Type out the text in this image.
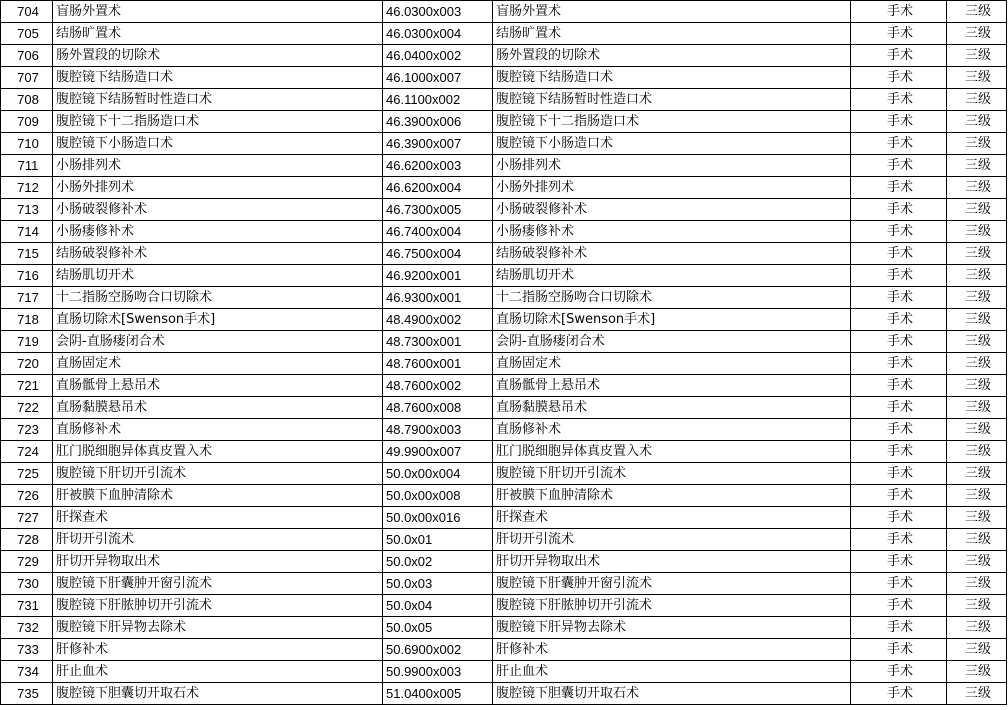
704	盲肠外置术	46.0300x003	盲肠外置术	手术	三级
705	结肠旷置术	46.0300x004	结肠旷置术	手术	三级
706	肠外置段的切除术	46.0400x002	肠外置段的切除术	手术	三级
707	腹腔镜下结肠造口术	46.1000x007	腹腔镜下结肠造口术	手术	三级
708	腹腔镜下结肠暂时性造口术	46.1100x002	腹腔镜下结肠暂时性造口术	手术	三级
709	腹腔镜下十二指肠造口术	46.3900x006	腹腔镜下十二指肠造口术	手术	三级
710	腹腔镜下小肠造口术	46.3900x007	腹腔镜下小肠造口术	手术	三级
711	小肠排列术	46.6200x003	小肠排列术	手术	三级
712	小肠外排列术	46.6200x004	小肠外排列术	手术	三级
713	小肠破裂修补术	46.7300x005	小肠破裂修补术	手术	三级
714	小肠瘘修补术	46.7400x004	小肠瘘修补术	手术	三级
715	结肠破裂修补术	46.7500x004	结肠破裂修补术	手术	三级
716	结肠肌切开术	46.9200x001	结肠肌切开术	手术	三级
717	十二指肠空肠吻合口切除术	46.9300x001	十二指肠空肠吻合口切除术	手术	三级
718	直肠切除术[Swenson手术]	48.4900x002	直肠切除术[Swenson手术]	手术	三级
719	会阴-直肠瘘闭合术	48.7300x001	会阴-直肠瘘闭合术	手术	三级
720	直肠固定术	48.7600x001	直肠固定术	手术	三级
721	直肠骶骨上悬吊术	48.7600x002	直肠骶骨上悬吊术	手术	三级
722	直肠黏膜悬吊术	48.7600x008	直肠黏膜悬吊术	手术	三级
723	直肠修补术	48.7900x003	直肠修补术	手术	三级
724	肛门脱细胞异体真皮置入术	49.9900x007	肛门脱细胞异体真皮置入术	手术	三级
725	腹腔镜下肝切开引流术	50.0x00x004	腹腔镜下肝切开引流术	手术	三级
726	肝被膜下血肿清除术	50.0x00x008	肝被膜下血肿清除术	手术	三级
727	肝探查术	50.0x00x016	肝探查术	手术	三级
728	肝切开引流术	50.0x01	肝切开引流术	手术	三级
729	肝切开异物取出术	50.0x02	肝切开异物取出术	手术	三级
730	腹腔镜下肝囊肿开窗引流术	50.0x03	腹腔镜下肝囊肿开窗引流术	手术	三级
731	腹腔镜下肝脓肿切开引流术	50.0x04	腹腔镜下肝脓肿切开引流术	手术	三级
732	腹腔镜下肝异物去除术	50.0x05	腹腔镜下肝异物去除术	手术	三级
733	肝修补术	50.6900x002	肝修补术	手术	三级
734	肝止血术	50.9900x003	肝止血术	手术	三级
735	腹腔镜下胆囊切开取石术	51.0400x005	腹腔镜下胆囊切开取石术	手术	三级
